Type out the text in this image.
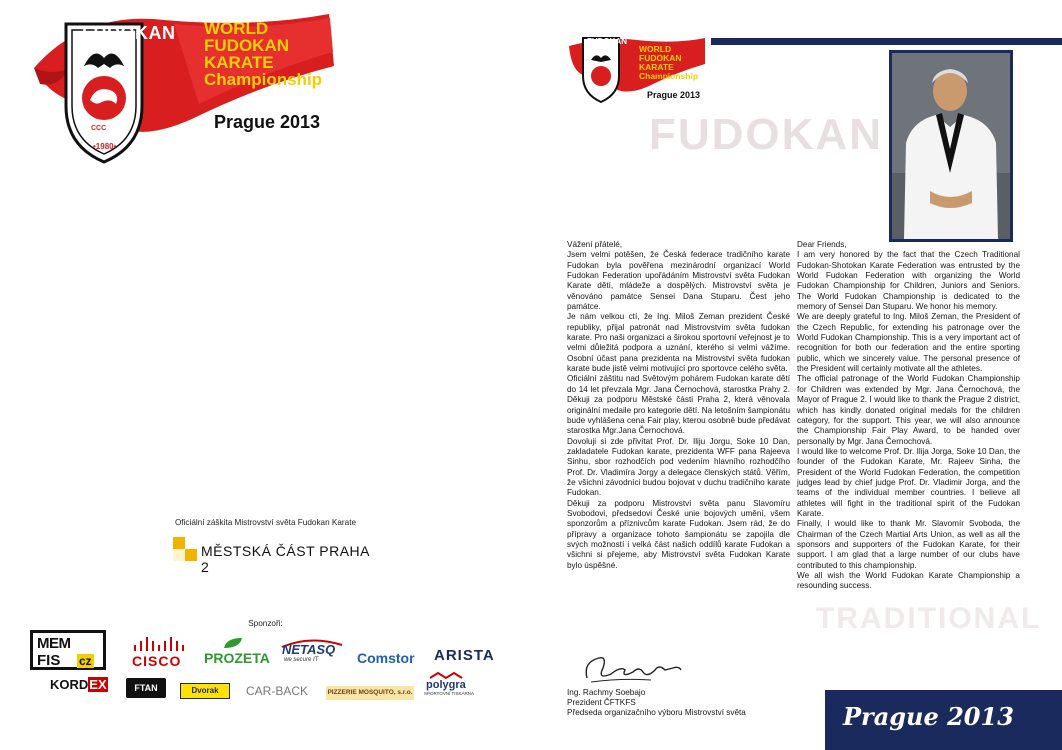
CCC
FUDOKAN WORLD
FUDOKAN
KARATE
Championship
Prague 2013
•1980•
Oficiální záškita Mistrovství světa Fudokan Karate
MĚSTSKÁ ČÁST PRAHA 2
Sponzoři:
MEM
FIS cz	CISCO PROZETA
NETASQ
we secure IT	Comstor ARISTA
KORDEX	FTAN	Dvorak	CAR-BACK	PIZZERIE MOSQUITO, s.r.o.
polygra
SPORTOVNÍ TISKÁRNA
FUDOKAN
TRADITIONAL
FUDOKAN
WORLD
FUDOKAN
KARATE
Championship
Prague 2013

Vážení přátelé,

Jsem velmi potěšen, že Česká federace tradičního karate Fudokan byla pověřena mezinárodní organizací World Fudokan Federation upořádáním Mistrovství světa Fudokan Karate dětí, mládeže a dospělých. Mistrovství světa je věnováno památce Sensei Dana Stuparu. Čest jeho památce.

Je nám velkou ctí, že Ing. Miloš Zeman prezident České republiky, přijal patronát nad Mistrovstvím světa fudokan karate. Pro naši organizaci a širokou sportovní veřejnost je to velmi důležitá podpora a uznání, kterého si velmi vážíme. Osobní účast pana prezidenta na Mistrovství světa fudokan karate bude jistě velmi motivující pro sportovce celého světa.

Oficiální záštitu nad Světovým pohárem Fudokan karate dětí do 14 let převzala Mgr. Jana Černochová, starostka Prahy 2. Děkuji za podporu Městské části Praha 2, která věnovala originální medaile pro kategorie dětí. Na letošním šampionátu bude vyhlášena cena Fair play, kterou osobně bude předávat starostka Mgr.Jana Černochová.

Dovoluji si zde přivítat Prof. Dr. Iliju Jorgu, Soke 10 Dan, zakladatele Fudokan karate, prezidenta WFF pana Rajeeva Sinhu, sbor rozhodčích pod vedením hlavního rozhodčího Prof. Dr. Vladimíra Jorgy a delegace členských států. Věřím, že všichni závodníci budou bojovat v duchu tradičního karate Fudokan.

Děkuji za podporu Mistrovství světa panu Slavomíru Svobodovi, předsedovi České unie bojových umění, všem sponzorům a příznivcům karate Fudokan. Jsem rád, že do přípravy a organizace tohoto šampionátu se zapojila dle svých možností i velká část našich oddílů karate Fudokan a všichni si přejeme, aby Mistrovství světa Fudokan Karate bylo úspěšné.

Dear Friends,

I am very honored by the fact that the Czech Traditional Fudokan-Shotokan Karate Federation was entrusted by the World Fudokan Federation with organizing the World Fudokan Championship for Children, Juniors and Seniors. The World Fudokan Championship is dedicated to the memory of Sensei Dan Stuparu. We honor his memory.

We are deeply grateful to Ing. Miloš Zeman, the President of the Czech Republic, for extending his patronage over the World Fudokan Championship. This is a very important act of recognition for both our federation and the entire sporting public, which we sincerely value. The personal presence of the President will certainly motivate all the athletes.

The official patronage of the World Fudokan Championship for Children was extended by Mgr. Jana Černochová, the Mayor of Prague 2. I would like to thank the Prague 2 district, which has kindly donated original medals for the children category, for the support. This year, we will also announce the Championship Fair Play Award, to be handed over personally by Mgr. Jana Černochová.

I would like to welcome Prof. Dr. Ilija Jorga, Soke 10 Dan, the founder of the Fudokan Karate, Mr. Rajeev Sinha, the President of the World Fudokan Federation, the competition judges lead by chief judge Prof. Dr. Vladimir Jorga, and the teams of the individual member countries. I believe all athletes will fight in the traditional spirit of the Fudokan Karate.

Finally, I would like to thank Mr. Slavomír Svoboda, the Chairman of the Czech Martial Arts Union, as well as all the sponsors and supporters of the Fudokan Karate, for their support. I am glad that a large number of our clubs have contributed to this championship.

We all wish the World Fudokan Karate Championship a resounding success.

Ing. Rachmy Soebajo
Prezident ČFTKFS
Předseda organizačního výboru Mistrovství světa	Prague 2013
